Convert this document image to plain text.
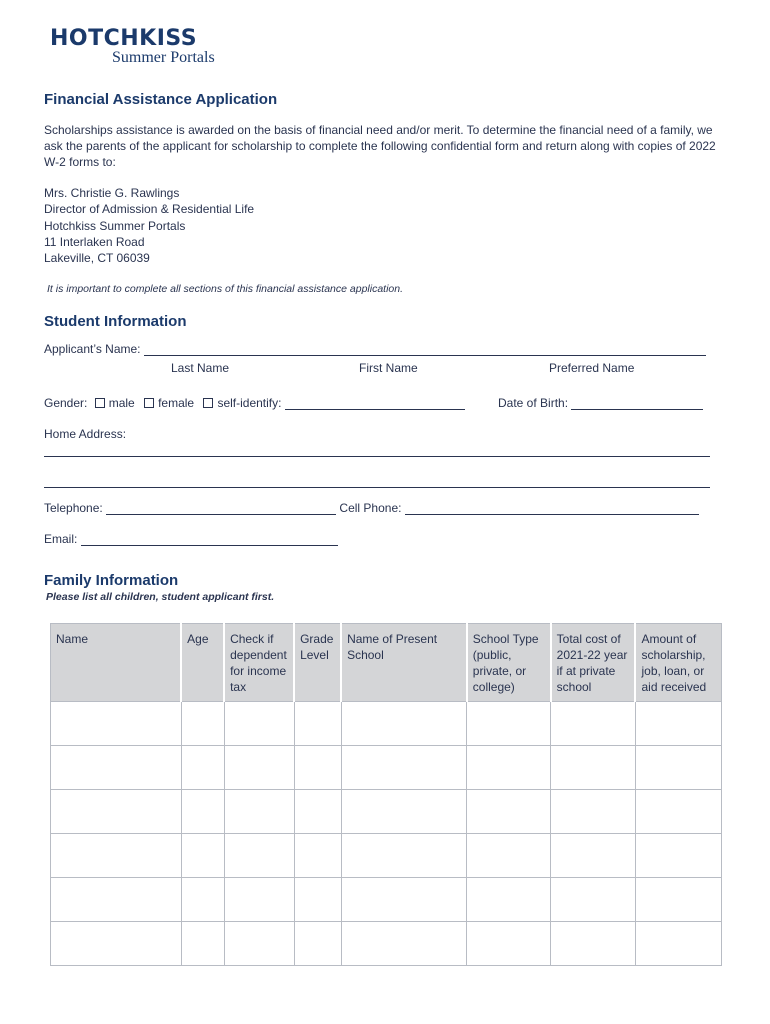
HOTCHKISS
Summer Portals
Financial Assistance Application
Scholarships assistance is awarded on the basis of financial need and/or merit. To determine the financial need of a family, we ask the parents of the applicant for scholarship to complete the following confidential form and return along with copies of 2022 W-2 forms to:
Mrs. Christie G. Rawlings
Director of Admission & Residential Life
Hotchkiss Summer Portals
11 Interlaken Road
Lakeville, CT 06039
It is important to complete all sections of this financial assistance application.
Student Information
Applicant’s Name:
Last Name	First Name	Preferred Name
Gender: male female self-identify:	Date of Birth:
Home Address:
Telephone:	Cell Phone:
Email:
Family Information
Please list all children, student applicant first.
Name	Age	Check if dependent for income tax	Grade Level	Name of Present School	School Type (public, private, or college)	Total cost of 2021-22 year if at private school	Amount of scholarship, job, loan, or aid received
